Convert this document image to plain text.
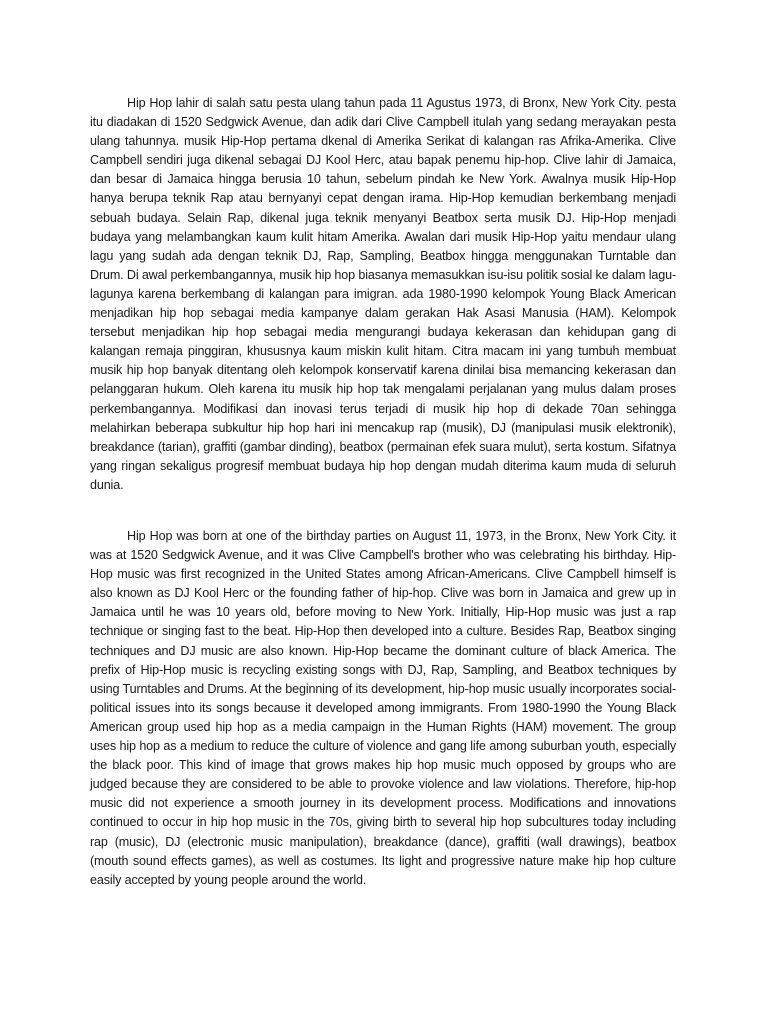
Hip Hop lahir di salah satu pesta ulang tahun pada 11 Agustus 1973, di Bronx, New York City. pesta itu diadakan di 1520 Sedgwick Avenue, dan adik dari Clive Campbell itulah yang sedang merayakan pesta ulang tahunnya. musik Hip-Hop pertama dkenal di Amerika Serikat di kalangan ras Afrika-Amerika. Clive Campbell sendiri juga dikenal sebagai DJ Kool Herc, atau bapak penemu hip-hop. Clive lahir di Jamaica, dan besar di Jamaica hingga berusia 10 tahun, sebelum pindah ke New York. Awalnya musik Hip-Hop hanya berupa teknik Rap atau bernyanyi cepat dengan irama. Hip-Hop kemudian berkembang menjadi sebuah budaya. Selain Rap, dikenal juga teknik menyanyi Beatbox serta musik DJ. Hip-Hop menjadi budaya yang melambangkan kaum kulit hitam Amerika. Awalan dari musik Hip-Hop yaitu mendaur ulang lagu yang sudah ada dengan teknik DJ, Rap, Sampling, Beatbox hingga menggunakan Turntable dan Drum. Di awal perkembangannya, musik hip hop biasanya memasukkan isu-isu politik sosial ke dalam lagu-lagunya karena berkembang di kalangan para imigran. ada 1980-1990 kelompok Young Black American menjadikan hip hop sebagai media kampanye dalam gerakan Hak Asasi Manusia (HAM). Kelompok tersebut menjadikan hip hop sebagai media mengurangi budaya kekerasan dan kehidupan gang di kalangan remaja pinggiran, khususnya kaum miskin kulit hitam. Citra macam ini yang tumbuh membuat musik hip hop banyak ditentang oleh kelompok konservatif karena dinilai bisa memancing kekerasan dan pelanggaran hukum. Oleh karena itu musik hip hop tak mengalami perjalanan yang mulus dalam proses perkembangannya. Modifikasi dan inovasi terus terjadi di musik hip hop di dekade 70an sehingga melahirkan beberapa subkultur hip hop hari ini mencakup rap (musik), DJ (manipulasi musik elektronik), breakdance (tarian), graffiti (gambar dinding), beatbox (permainan efek suara mulut), serta kostum. Sifatnya yang ringan sekaligus progresif membuat budaya hip hop dengan mudah diterima kaum muda di seluruh dunia.

Hip Hop was born at one of the birthday parties on August 11, 1973, in the Bronx, New York City. it was at 1520 Sedgwick Avenue, and it was Clive Campbell's brother who was celebrating his birthday. Hip-Hop music was first recognized in the United States among African-Americans. Clive Campbell himself is also known as DJ Kool Herc or the founding father of hip-hop. Clive was born in Jamaica and grew up in Jamaica until he was 10 years old, before moving to New York. Initially, Hip-Hop music was just a rap technique or singing fast to the beat. Hip-Hop then developed into a culture. Besides Rap, Beatbox singing techniques and DJ music are also known. Hip-Hop became the dominant culture of black America. The prefix of Hip-Hop music is recycling existing songs with DJ, Rap, Sampling, and Beatbox techniques by using Turntables and Drums. At the beginning of its development, hip-hop music usually incorporates social-political issues into its songs because it developed among immigrants. From 1980-1990 the Young Black American group used hip hop as a media campaign in the Human Rights (HAM) movement. The group uses hip hop as a medium to reduce the culture of violence and gang life among suburban youth, especially the black poor. This kind of image that grows makes hip hop music much opposed by groups who are judged because they are considered to be able to provoke violence and law violations. Therefore, hip-hop music did not experience a smooth journey in its development process. Modifications and innovations continued to occur in hip hop music in the 70s, giving birth to several hip hop subcultures today including rap (music), DJ (electronic music manipulation), breakdance (dance), graffiti (wall drawings), beatbox (mouth sound effects games), as well as costumes. Its light and progressive nature make hip hop culture easily accepted by young people around the world.
